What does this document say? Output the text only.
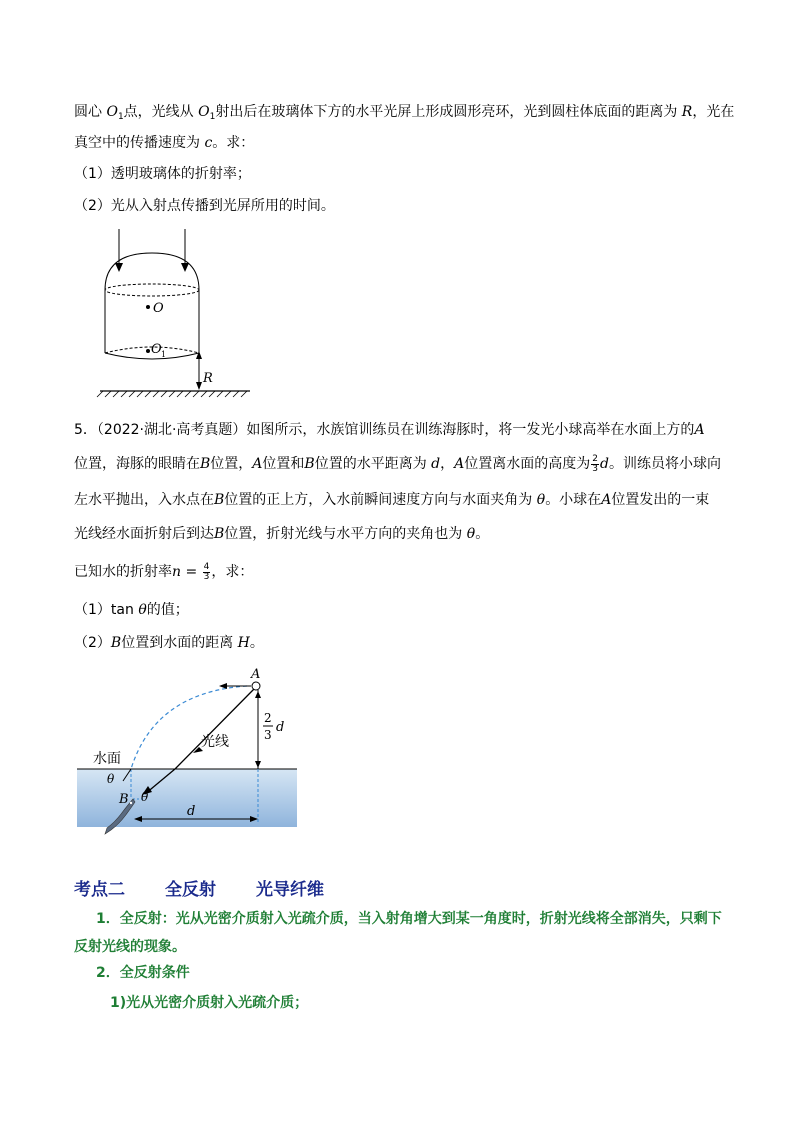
圆心 $O_1$点，光线从 $O_1$射出后在玻璃体下方的水平光屏上形成圆形亮环，光到圆柱体底面的距离为 R，光在
真空中的传播速度为 c。求：
（1）透明玻璃体的折射率；
（2）光从入射点传播到光屏所用的时间。
O
O 1
R
5．（2022·湖北·高考真题）如图所示，水族馆训练员在训练海豚时，将一发光小球高举在水面上方的A
位置，海豚的眼睛在B位置，A位置和B位置的水平距离为 d，A位置离水面的高度为 $\frac{2}{3}$ d。训练员将小球向
左水平抛出，入水点在B位置的正上方，入水前瞬间速度方向与水面夹角为 θ。小球在A位置发出的一束
光线经水面折射后到达B位置，折射光线与水平方向的夹角也为 θ。
已知水的折射率$n = \frac{4}{3}$ ，求：
（1）tan θ的值；
（2）B位置到水面的距离 H。
A
θ
θ
水面
光线
B
2
3 d
d
考点二 全反射 光导纤维
1．全反射：光从光密介质射入光疏介质，当入射角增大到某一角度时，折射光线将全部消失，只剩下
反射光线的现象。
2．全反射条件
1)光从光密介质射入光疏介质；
